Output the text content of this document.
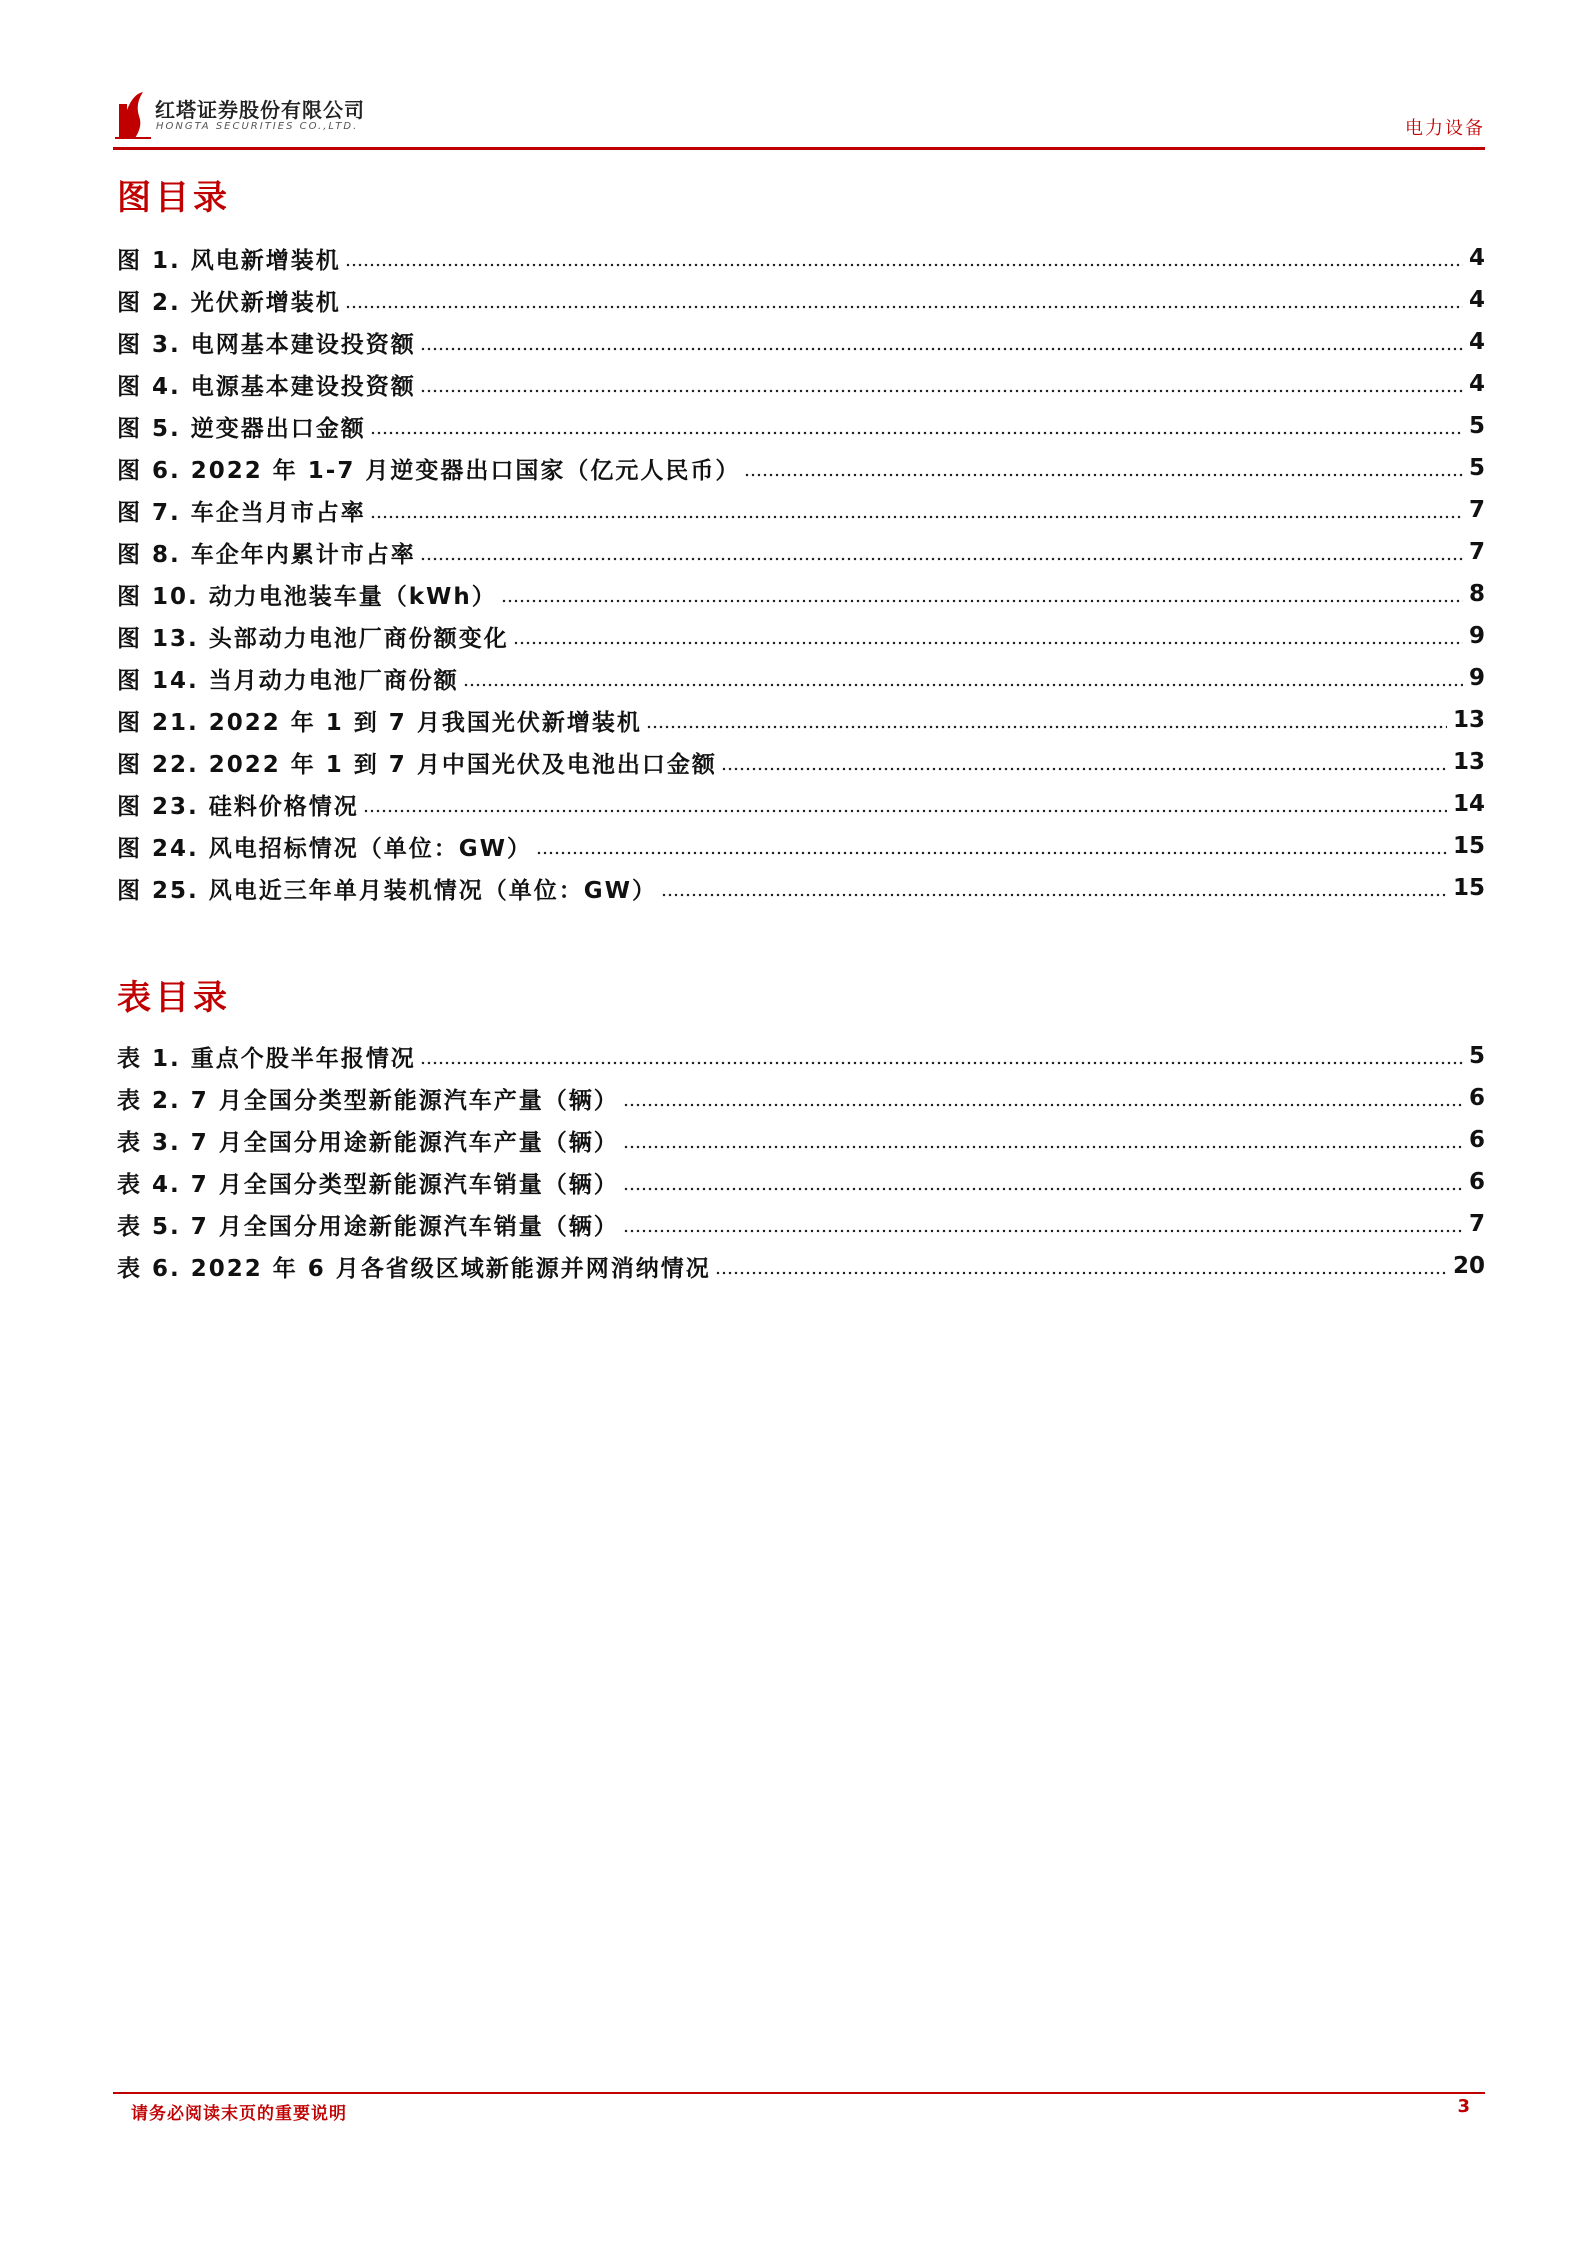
红塔证券股份有限公司
HONGTA SECURITIES CO.,LTD.	电力设备
图目录
图 1. 风电新增装机	4
图 2. 光伏新增装机	4
图 3. 电网基本建设投资额	4
图 4. 电源基本建设投资额	4
图 5. 逆变器出口金额	5
图 6. 2022 年 1-7 月逆变器出口国家（亿元人民币）	5
图 7. 车企当月市占率	7
图 8. 车企年内累计市占率	7
图 10. 动力电池装车量（kWh）	8
图 13. 头部动力电池厂商份额变化	9
图 14. 当月动力电池厂商份额	9
图 21. 2022 年 1 到 7 月我国光伏新增装机	13
图 22. 2022 年 1 到 7 月中国光伏及电池出口金额	13
图 23. 硅料价格情况	14
图 24. 风电招标情况（单位：GW）	15
图 25. 风电近三年单月装机情况（单位：GW）	15
表目录
表 1. 重点个股半年报情况	5
表 2. 7 月全国分类型新能源汽车产量（辆）	6
表 3. 7 月全国分用途新能源汽车产量（辆）	6
表 4. 7 月全国分类型新能源汽车销量（辆）	6
表 5. 7 月全国分用途新能源汽车销量（辆）	7
表 6. 2022 年 6 月各省级区域新能源并网消纳情况	20
请务必阅读末页的重要说明	3
